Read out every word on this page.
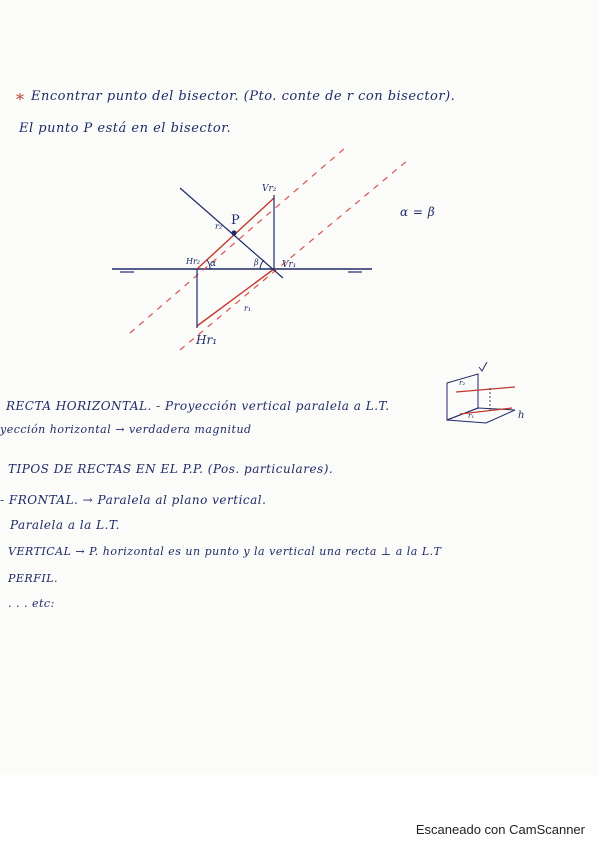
* Encontrar punto del bisector. (Pto. conte de r con bisector).
El punto P está en el bisector.
α = β
Vr₂
P
r₂
Hr₂ α	β	Vr₁
r₁
Hr₁
r₂
r₁	h
RECTA HORIZONTAL. - Proyección vertical paralela a L.T.
yección horizontal → verdadera magnitud
TIPOS DE RECTAS EN EL P.P. (Pos. particulares).
- FRONTAL. → Paralela al plano vertical.
Paralela a la L.T.
VERTICAL → P. horizontal es un punto y la vertical una recta ⊥ a la L.T
PERFIL.
. . . etc:
Escaneado con CamScanner
